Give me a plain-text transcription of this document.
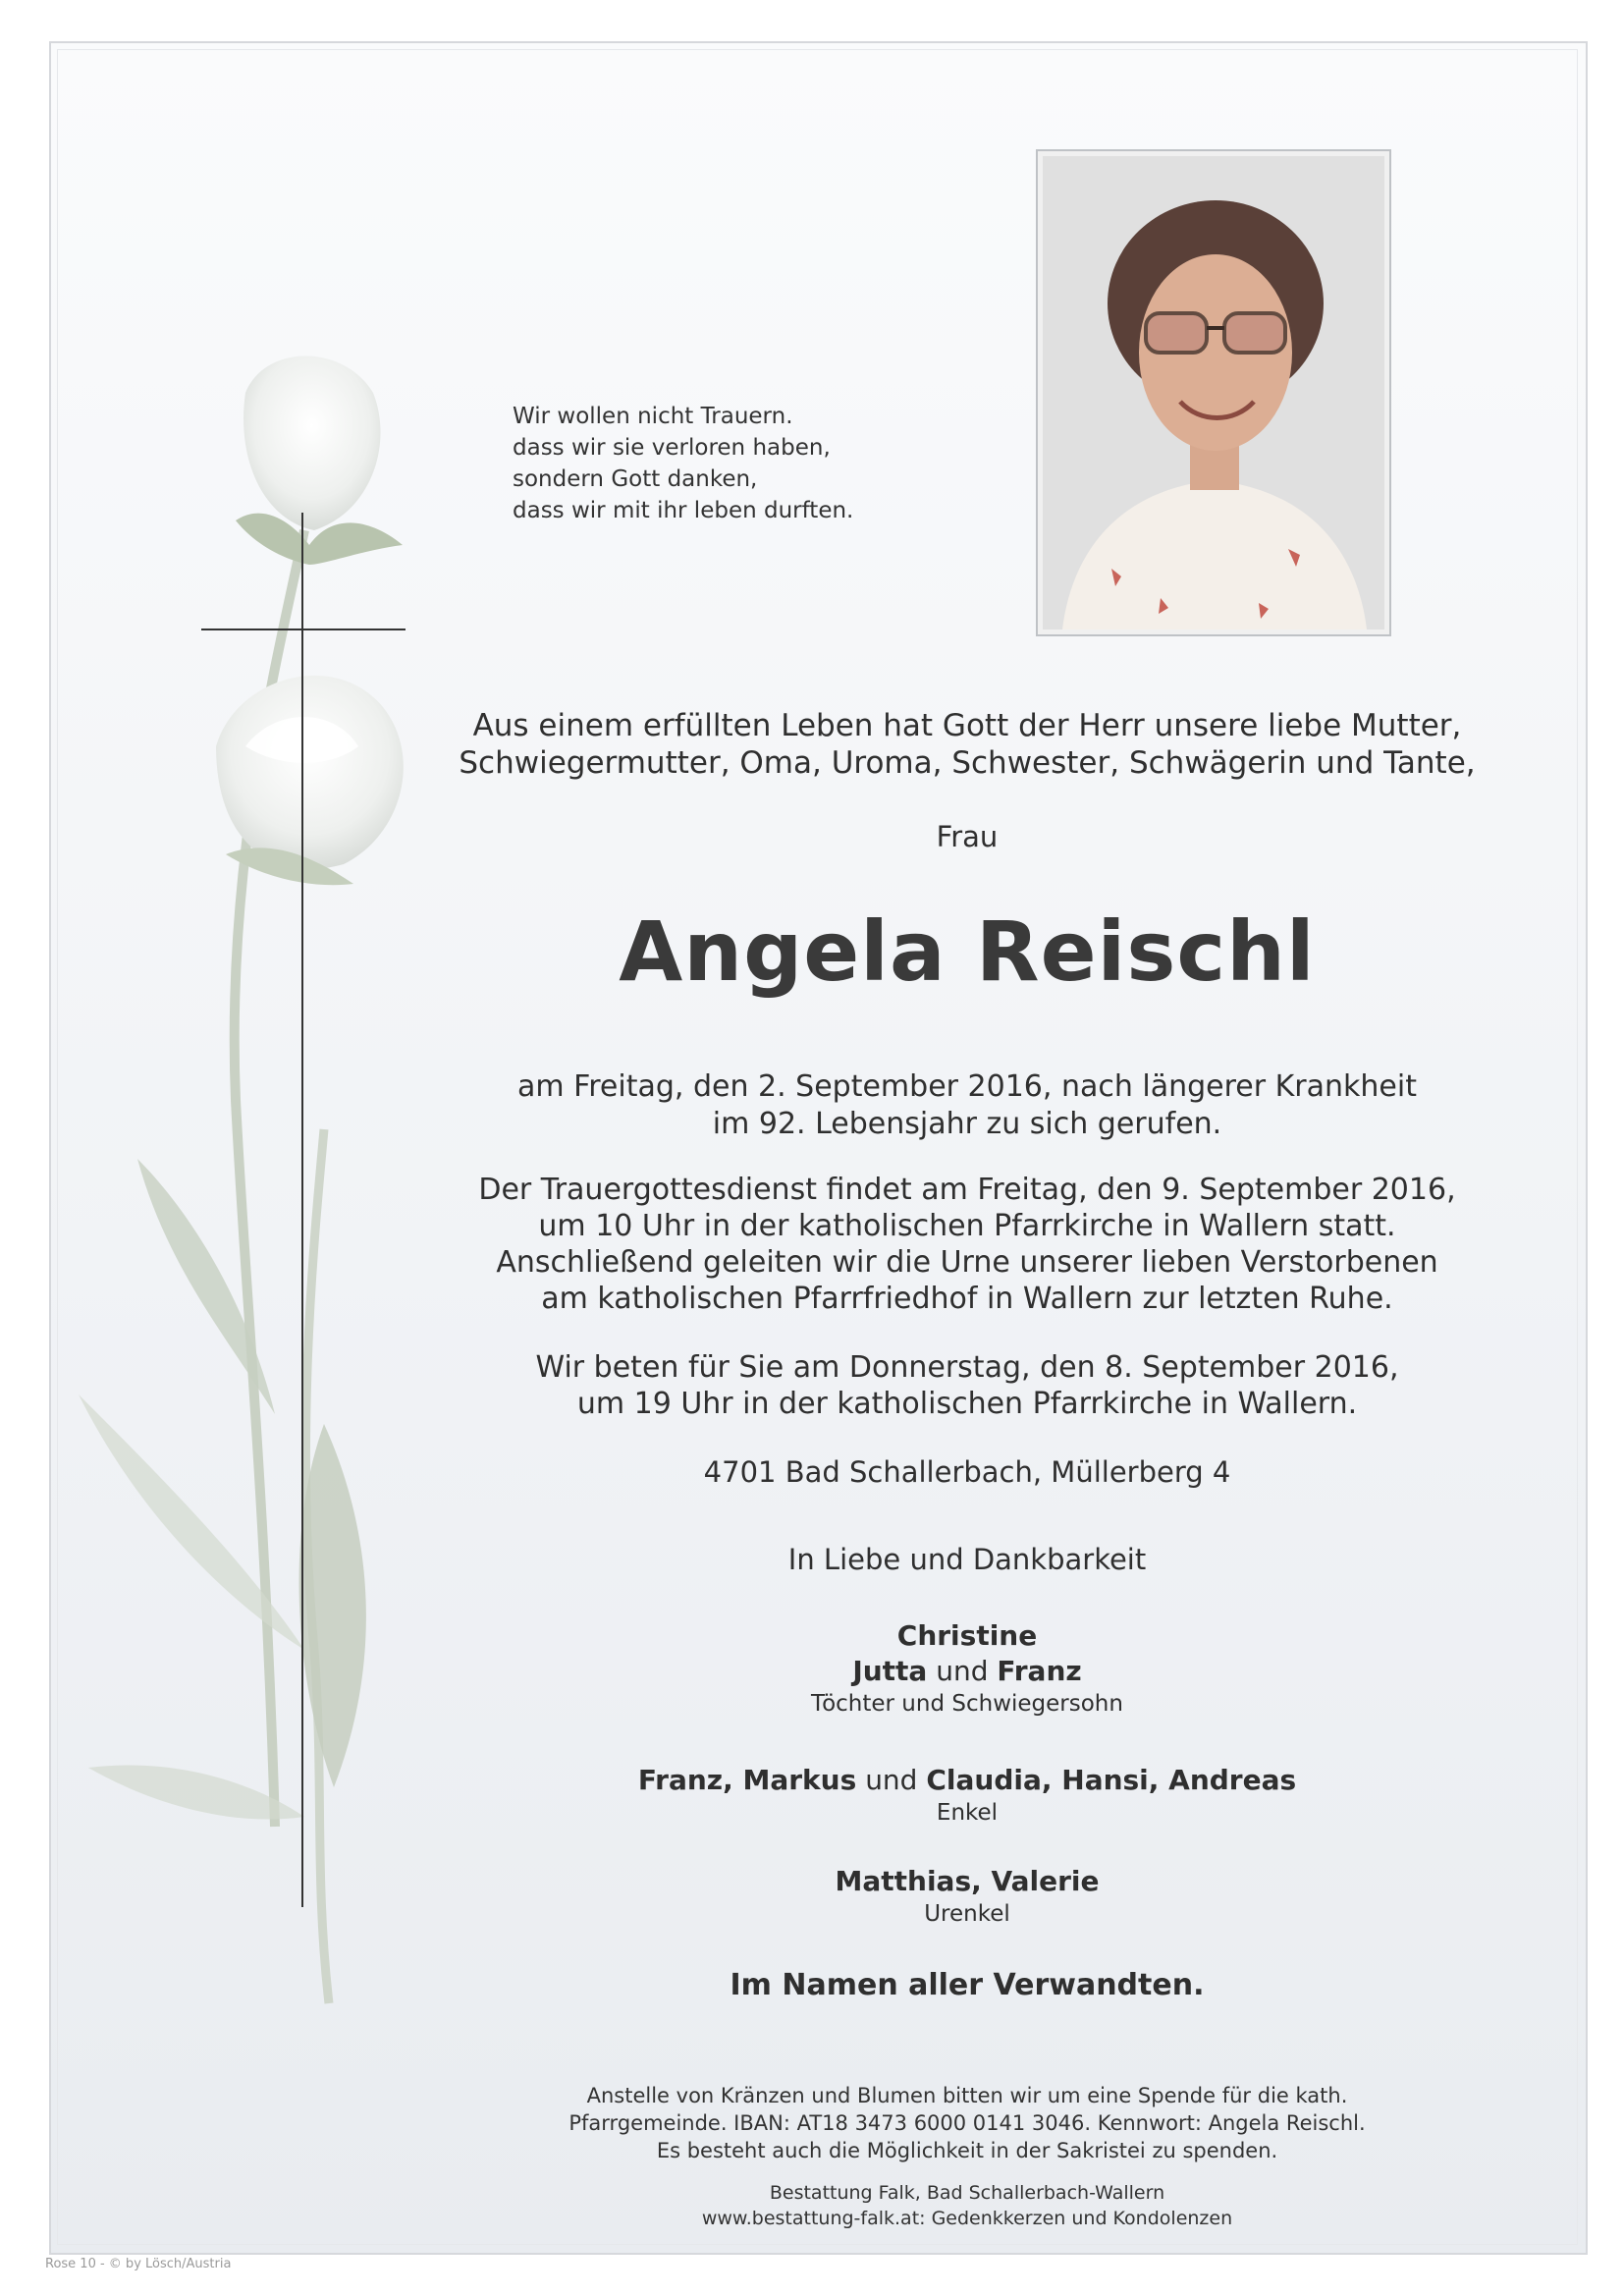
Wir wollen nicht Trauern.
dass wir sie verloren haben,
sondern Gott danken,
dass wir mit ihr leben durften.
Aus einem erfüllten Leben hat Gott der Herr unsere liebe Mutter,
Schwiegermutter, Oma, Uroma, Schwester, Schwägerin und Tante,
Frau
Angela Reischl
am Freitag, den 2. September 2016, nach längerer Krankheit
im 92. Lebensjahr zu sich gerufen.
Der Trauergottesdienst findet am Freitag, den 9. September 2016,
um 10 Uhr in der katholischen Pfarrkirche in Wallern statt.
Anschließend geleiten wir die Urne unserer lieben Verstorbenen
am katholischen Pfarrfriedhof in Wallern zur letzten Ruhe.
Wir beten für Sie am Donnerstag, den 8. September 2016,
um 19 Uhr in der katholischen Pfarrkirche in Wallern.
4701 Bad Schallerbach, Müllerberg 4
In Liebe und Dankbarkeit
Christine
Jutta und Franz
Töchter und Schwiegersohn
Franz, Markus und Claudia, Hansi, Andreas
Enkel
Matthias, Valerie
Urenkel
Im Namen aller Verwandten.
Anstelle von Kränzen und Blumen bitten wir um eine Spende für die kath.
Pfarrgemeinde. IBAN: AT18 3473 6000 0141 3046. Kennwort: Angela Reischl.
Es besteht auch die Möglichkeit in der Sakristei zu spenden.
Bestattung Falk, Bad Schallerbach-Wallern
www.bestattung-falk.at: Gedenkkerzen und Kondolenzen
Rose 10 - © by Lösch/Austria
